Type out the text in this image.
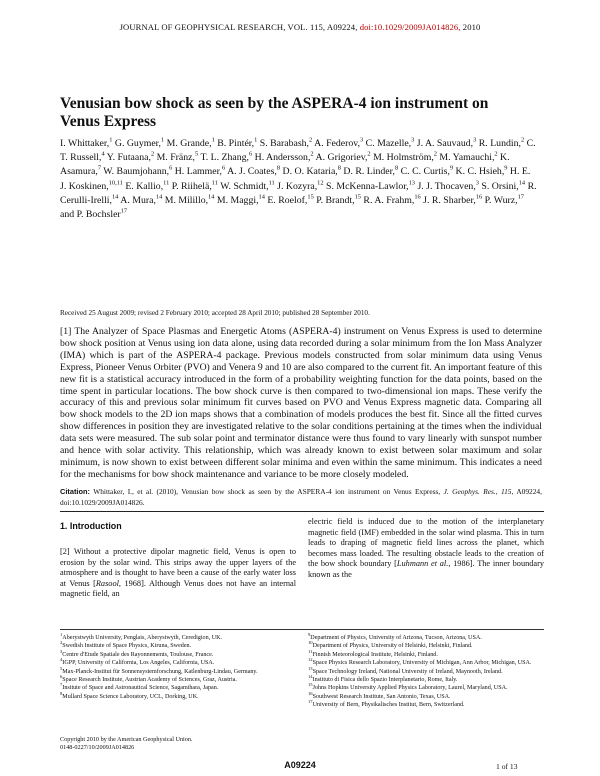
JOURNAL OF GEOPHYSICAL RESEARCH, VOL. 115, A09224, doi:10.1029/2009JA014826, 2010
Venusian bow shock as seen by the ASPERA-4 ion instrument on Venus Express
I. Whittaker,$^1$ G. Guymer,$^1$ M. Grande,$^1$ B. Pintér,$^1$ S. Barabash,$^2$ A. Federov,$^3$ C. Mazelle,$^3$ J. A. Sauvaud,$^3$ R. Lundin,$^2$ C. T. Russell,$^4$ Y. Futaana,$^2$ M. Fränz,$^5$ T. L. Zhang,$^6$ H. Andersson,$^2$ A. Grigoriev,$^2$ M. Holmström,$^2$ M. Yamauchi,$^2$ K. Asamura,$^7$ W. Baumjohann,$^6$ H. Lammer,$^6$ A. J. Coates,$^8$ D. O. Kataria,$^8$ D. R. Linder,$^8$ C. C. Curtis,$^9$ K. C. Hsieh,$^9$ H. E. J. Koskinen,$^{10,11}$ E. Kallio,$^{11}$ P. Riihelä,$^{11}$ W. Schmidt,$^{11}$ J. Kozyra,$^{12}$ S. McKenna-Lawlor,$^{13}$ J. J. Thocaven,$^3$ S. Orsini,$^{14}$ R. Cerulli-Irelli,$^{14}$ A. Mura,$^{14}$ M. Milillo,$^{14}$ M. Maggi,$^{14}$ E. Roelof,$^{15}$ P. Brandt,$^{15}$ R. A. Frahm,$^{16}$ J. R. Sharber,$^{16}$ P. Wurz,$^{17}$ and P. Bochsler$^{17}$
Received 25 August 2009; revised 2 February 2010; accepted 28 April 2010; published 28 September 2010.
[1] The Analyzer of Space Plasmas and Energetic Atoms (ASPERA-4) instrument on Venus Express is used to determine bow shock position at Venus using ion data alone, using data recorded during a solar minimum from the Ion Mass Analyzer (IMA) which is part of the ASPERA-4 package. Previous models constructed from solar minimum data using Venus Express, Pioneer Venus Orbiter (PVO) and Venera 9 and 10 are also compared to the current fit. An important feature of this new fit is a statistical accuracy introduced in the form of a probability weighting function for the data points, based on the time spent in particular locations. The bow shock curve is then compared to two-dimensional ion maps. These verify the accuracy of this and previous solar minimum fit curves based on PVO and Venus Express magnetic data. Comparing all bow shock models to the 2D ion maps shows that a combination of models produces the best fit. Since all the fitted curves show differences in position they are investigated relative to the solar conditions pertaining at the times when the individual data sets were measured. The sub solar point and terminator distance were thus found to vary linearly with sunspot number and hence with solar activity. This relationship, which was already known to exist between solar maximum and solar minimum, is now shown to exist between different solar minima and even within the same minimum. This indicates a need for the mechanisms for bow shock maintenance and variance to be more closely modeled.
Citation: Whittaker, I., et al. (2010), Venusian bow shock as seen by the ASPERA-4 ion instrument on Venus Express, J. Geophys. Res., 115, A09224, doi:10.1029/2009JA014826.
1. Introduction
[2] Without a protective dipolar magnetic field, Venus is open to erosion by the solar wind. This strips away the upper layers of the atmosphere and is thought to have been a cause of the early water loss at Venus [Rasool, 1968]. Although Venus does not have an internal magnetic field, an
electric field is induced due to the motion of the interplanetary magnetic field (IMF) embedded in the solar wind plasma. This in turn leads to draping of magnetic field lines across the planet, which becomes mass loaded. The resulting obstacle leads to the creation of the bow shock boundary [Luhmann et al., 1986]. The inner boundary known as the

$^1$Aberystwyth University, Penglais, Aberystwyth, Ceredigion, UK.

$^2$Swedish Institute of Space Physics, Kiruna, Sweden.

$^3$Centre d'Etude Spatiale des Rayonnements, Toulouse, France.

$^4$IGPP, University of California, Los Angeles, California, USA.

$^5$Max-Planck-Institut für Sonnensystemforschung, Katlenburg-Lindau, Germany.

$^6$Space Research Institute, Austrian Academy of Sciences, Graz, Austria.

$^7$Insitute of Space and Astronautical Science, Sagamihara, Japan.

$^8$Mullard Space Science Laboratory, UCL, Dorking, UK.

$^9$Department of Physics, University of Arizona, Tucson, Arizona, USA.

$^{10}$Department of Physics, University of Helsinki, Helsinki, Finland.

$^{11}$Finnish Meteorological Institute, Helsinki, Finland.

$^{12}$Space Physics Research Laboratory, University of Michigan, Ann Arbor, Michigan, USA.

$^{13}$Space Technology Ireland, National University of Ireland, Maynooth, Ireland.

$^{14}$Instituto di Fisica dello Spazio Interplanetario, Rome, Italy.

$^{15}$Johns Hopkins University Applied Physics Laboratory, Laurel, Maryland, USA.

$^{16}$Southwest Research Institute, San Antonio, Texas, USA.

$^{17}$University of Bern, Physikalisches Institut, Bern, Switzerland.

Copyright 2010 by the American Geophysical Union.
0148-0227/10/2009JA014826
A09224	1 of 13
